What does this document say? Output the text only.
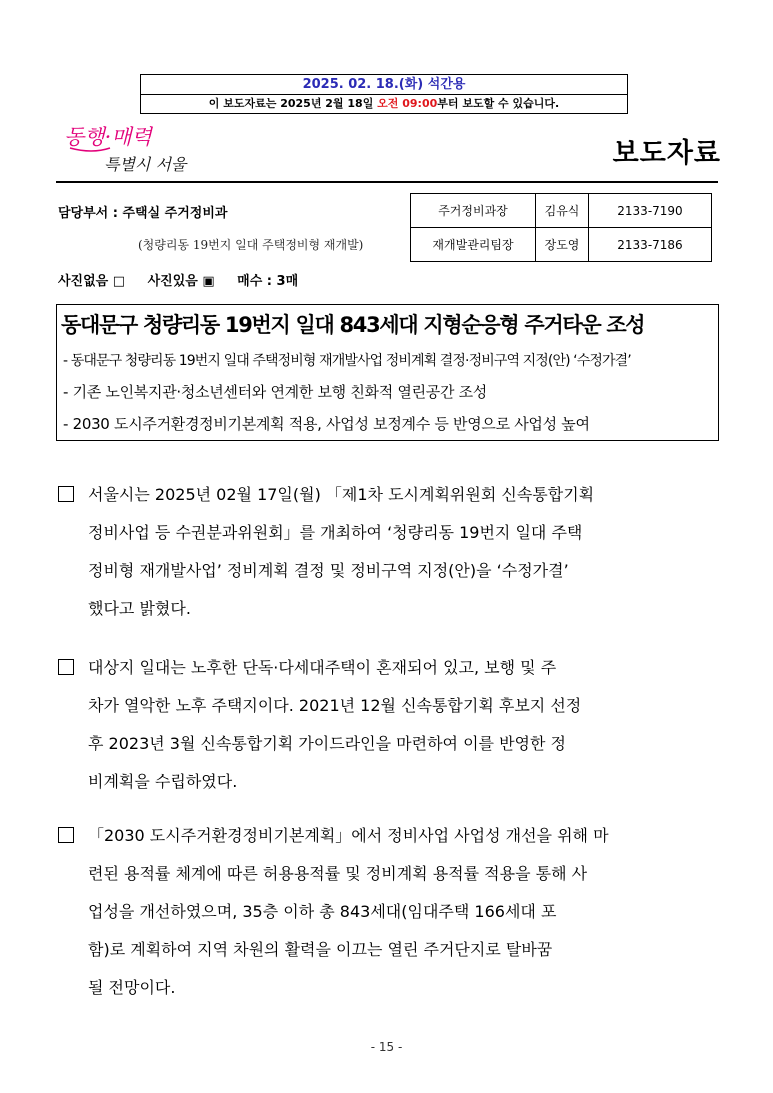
2025. 02. 18.(화) 석간용
이 보도자료는 2025년 2월 18일 오전 09:00부터 보도할 수 있습니다.
동행·매력
특별시 서울	보도자료
담당부서 : 주택실 주거정비과
(청량리동 19번지 일대 주택정비형 재개발)
주거정비과장	김유식	2133-7190
재개발관리팀장	장도영	2133-7186
사진없음 □ 사진있음 ▣ 매수 : 3매
동대문구 청량리동 19번지 일대 843세대 지형순응형 주거타운 조성
- 동대문구 청량리동 19번지 일대 주택정비형 재개발사업 정비계획 결정·정비구역 지정(안) ‘수정가결’
- 기존 노인복지관·청소년센터와 연계한 보행 친화적 열린공간 조성
- 2030 도시주거환경정비기본계획 적용, 사업성 보정계수 등 반영으로 사업성 높여
서울시는 2025년 02월 17일(월) 「제1차 도시계획위원회 신속통합기획
정비사업 등 수권분과위원회」를 개최하여 ‘청량리동 19번지 일대 주택
정비형 재개발사업’ 정비계획 결정 및 정비구역 지정(안)을 ‘수정가결’
했다고 밝혔다.
대상지 일대는 노후한 단독·다세대주택이 혼재되어 있고, 보행 및 주
차가 열악한 노후 주택지이다. 2021년 12월 신속통합기획 후보지 선정
후 2023년 3월 신속통합기획 가이드라인을 마련하여 이를 반영한 정
비계획을 수립하였다.
「2030 도시주거환경정비기본계획」에서 정비사업 사업성 개선을 위해 마
련된 용적률 체계에 따른 허용용적률 및 정비계획 용적률 적용을 통해 사
업성을 개선하였으며, 35층 이하 총 843세대(임대주택 166세대 포
함)로 계획하여 지역 차원의 활력을 이끄는 열린 주거단지로 탈바꿈
될 전망이다.
- 15 -
